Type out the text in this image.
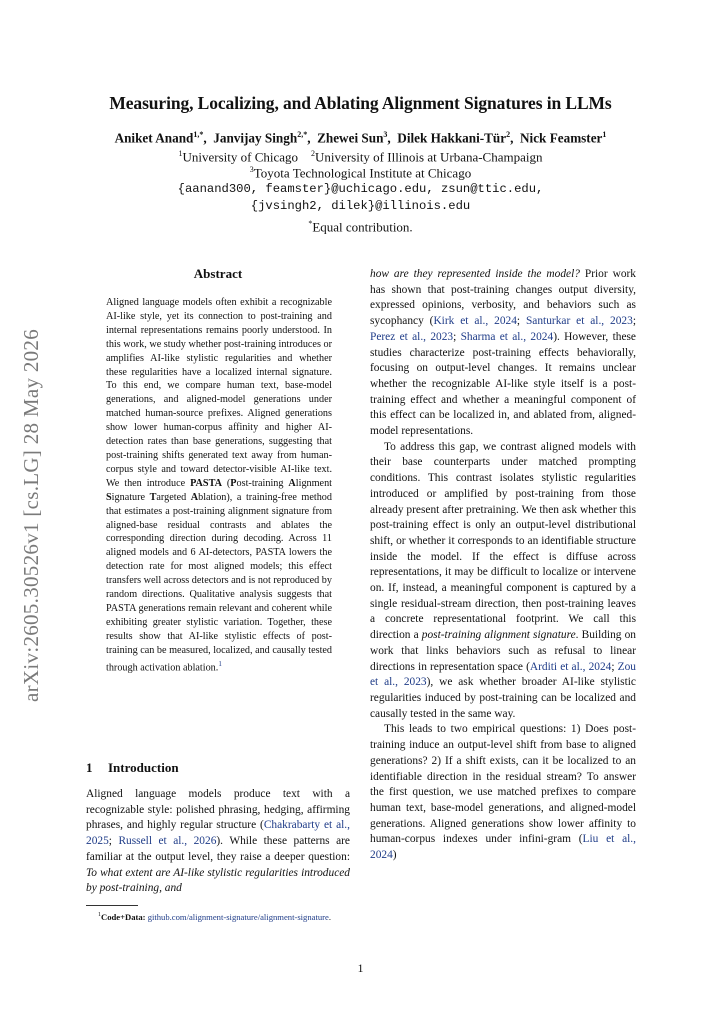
arXiv:2605.30526v1 [cs.LG] 28 May 2026
Measuring, Localizing, and Ablating Alignment Signatures in LLMs
Aniket Anand$^{1,*}$,  Janvijay Singh$^{2,*}$,  Zhewei Sun$^3$,  Dilek Hakkani-Tür$^2$,  Nick Feamster$^1$
$^1$University of Chicago $^2$University of Illinois at Urbana-Champaign
$^3$Toyota Technological Institute at Chicago
{aanand300, feamster}@uchicago.edu, zsun@ttic.edu,
{jvsingh2, dilek}@illinois.edu
*Equal contribution.
Abstract
Aligned language models often exhibit a recognizable AI-like style, yet its connection to post-training and internal representations remains poorly understood. In this work, we study whether post-training introduces or amplifies AI-like stylistic regularities and whether these regularities have a localized internal signature. To this end, we compare human text, base-model generations, and aligned-model generations under matched human-source prefixes. Aligned generations show lower human-corpus affinity and higher AI-detection rates than base generations, suggesting that post-training shifts generated text away from human-corpus style and toward detector-visible AI-like text. We then introduce PASTA (Post-training Alignment Signature Targeted Ablation), a training-free method that estimates a post-training alignment signature from aligned-base residual contrasts and ablates the corresponding direction during decoding. Across 11 aligned models and 6 AI-detectors, PASTA lowers the detection rate for most aligned models; this effect transfers well across detectors and is not reproduced by random directions. Qualitative analysis suggests that PASTA generations remain relevant and coherent while exhibiting greater stylistic variation. Together, these results show that AI-like stylistic effects of post-training can be measured, localized, and causally tested through activation ablation.$^1$
1 Introduction
Aligned language models produce text with a recognizable style: polished phrasing, hedging, affirming phrases, and highly regular structure (Chakrabarty et al., 2025; Russell et al., 2026). While these patterns are familiar at the output level, they raise a deeper question: To what extent are AI-like stylistic regularities introduced by post-training, and
$^1$Code+Data: github.com/alignment-signature/alignment-signature.

how are they represented inside the model? Prior work has shown that post-training changes output diversity, expressed opinions, verbosity, and behaviors such as sycophancy (Kirk et al., 2024; Santurkar et al., 2023; Perez et al., 2023; Sharma et al., 2024). However, these studies characterize post-training effects behaviorally, focusing on output-level changes. It remains unclear whether the recognizable AI-like style itself is a post-training effect and whether a meaningful component of this effect can be localized in, and ablated from, aligned-model representations.

To address this gap, we contrast aligned models with their base counterparts under matched prompting conditions. This contrast isolates stylistic regularities introduced or amplified by post-training from those already present after pretraining. We then ask whether this post-training effect is only an output-level distributional shift, or whether it corresponds to an identifiable structure inside the model. If the effect is diffuse across representations, it may be difficult to localize or intervene on. If, instead, a meaningful component is captured by a single residual-stream direction, then post-training leaves a concrete representational footprint. We call this direction a post-training alignment signature. Building on work that links behaviors such as refusal to linear directions in representation space (Arditi et al., 2024; Zou et al., 2023), we ask whether broader AI-like stylistic regularities induced by post-training can be localized and causally tested in the same way.

This leads to two empirical questions: 1) Does post-training induce an output-level shift from base to aligned generations? 2) If a shift exists, can it be localized to an identifiable direction in the residual stream? To answer the first question, we use matched prefixes to compare human text, base-model generations, and aligned-model generations. Aligned generations show lower affinity to human-corpus indexes under infini-gram (Liu et al., 2024)

1
